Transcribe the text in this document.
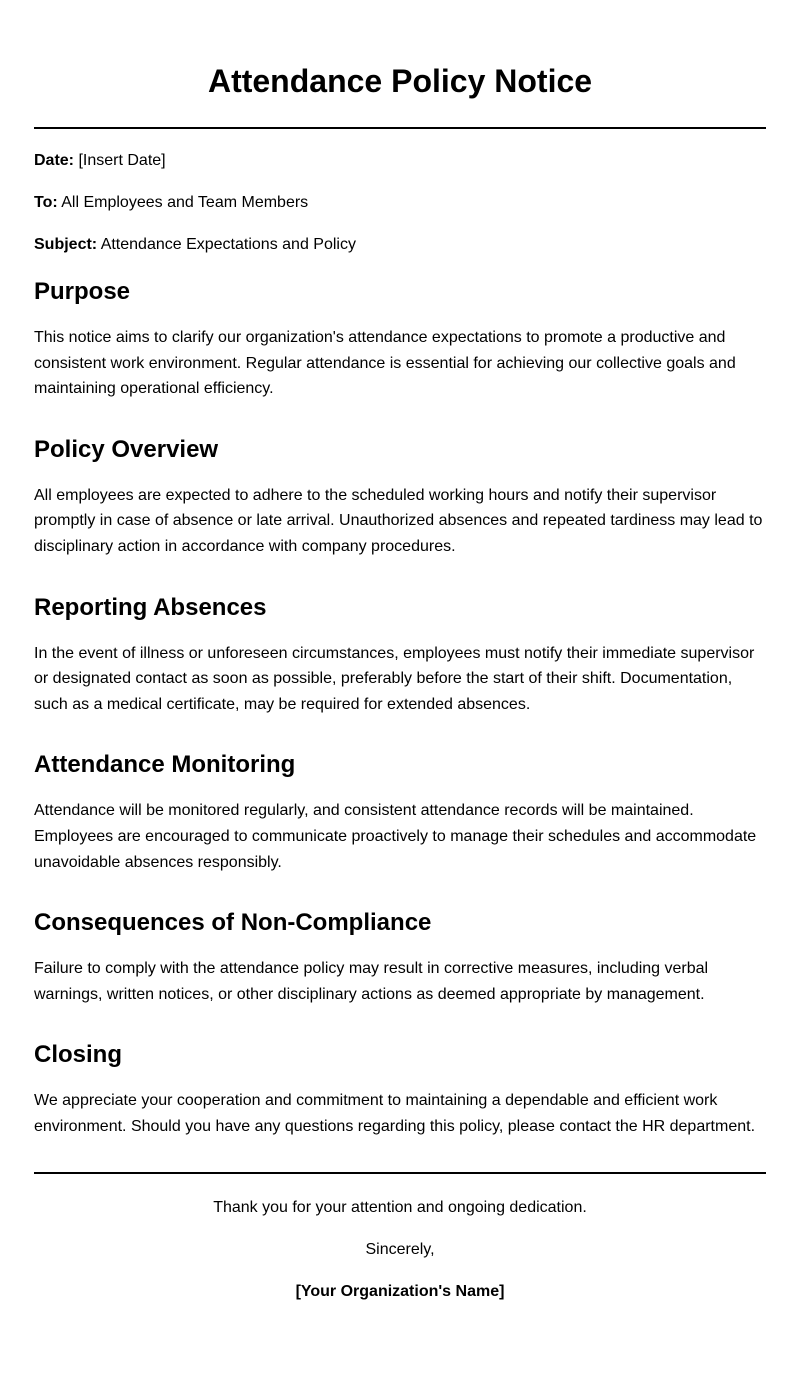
Attendance Policy Notice

Date: [Insert Date]

To: All Employees and Team Members

Subject: Attendance Expectations and Policy

Purpose

This notice aims to clarify our organization's attendance expectations to promote a productive and consistent work environment. Regular attendance is essential for achieving our collective goals and maintaining operational efficiency.

Policy Overview

All employees are expected to adhere to the scheduled working hours and notify their supervisor promptly in case of absence or late arrival. Unauthorized absences and repeated tardiness may lead to disciplinary action in accordance with company procedures.

Reporting Absences

In the event of illness or unforeseen circumstances, employees must notify their immediate supervisor or designated contact as soon as possible, preferably before the start of their shift. Documentation, such as a medical certificate, may be required for extended absences.

Attendance Monitoring

Attendance will be monitored regularly, and consistent attendance records will be maintained. Employees are encouraged to communicate proactively to manage their schedules and accommodate unavoidable absences responsibly.

Consequences of Non-Compliance

Failure to comply with the attendance policy may result in corrective measures, including verbal warnings, written notices, or other disciplinary actions as deemed appropriate by management.

Closing

We appreciate your cooperation and commitment to maintaining a dependable and efficient work environment. Should you have any questions regarding this policy, please contact the HR department.

Thank you for your attention and ongoing dedication.

Sincerely,

[Your Organization's Name]
